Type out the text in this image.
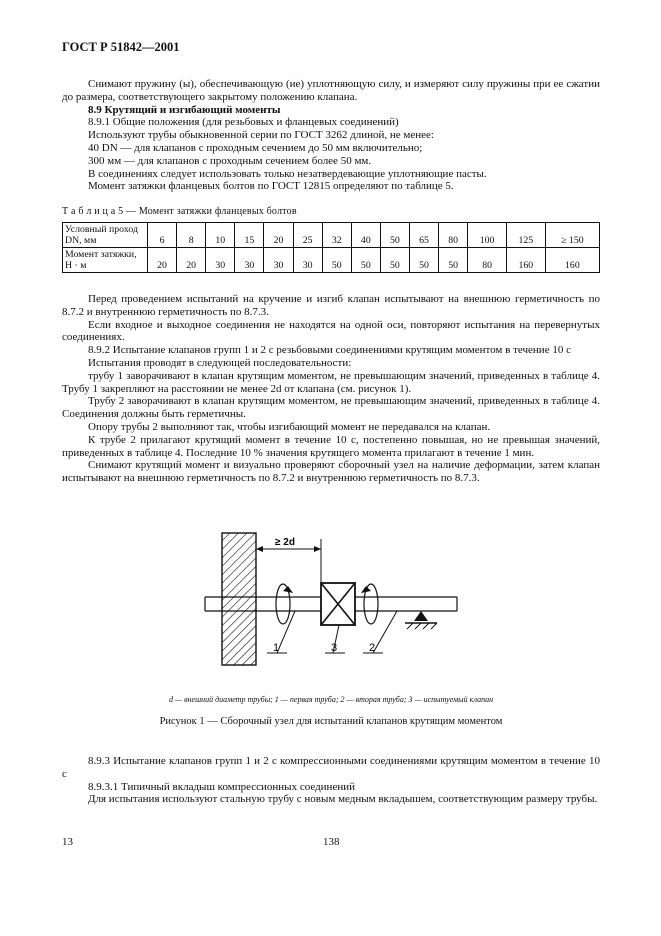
ГОСТ Р 51842—2001

Снимают пружину (ы), обеспечивающую (ие) уплотняющую силу, и измеряют силу пружины при ее сжатии до размера, соответствующего закрытому положению клапана.

8.9 Крутящий и изгибающий моменты

8.9.1 Общие положения (для резьбовых и фланцевых соединений)

Используют трубы обыкновенной серии по ГОСТ 3262 длиной, не менее:

40 DN — для клапанов с проходным сечением до 50 мм включительно;

300 мм — для клапанов с проходным сечением более 50 мм.

В соединениях следует использовать только незатвердевающие уплотняющие пасты.

Момент затяжки фланцевых болтов по ГОСТ 12815 определяют по таблице 5.

Т а б л и ц а 5 — Момент затяжки фланцевых болтов
Условный проход DN, мм	6	8	10	15	20	25	32	40	50	65	80	100	125	≥ 150
Момент затяжки, Н · м	20	20	30	30	30	30	50	50	50	50	50	80	160	160

Перед проведением испытаний на кручение и изгиб клапан испытывают на внешнюю герметичность по 8.7.2 и внутреннюю герметичность по 8.7.3.

Если входное и выходное соединения не находятся на одной оси, повторяют испытания на перевернутых соединениях.

8.9.2 Испытание клапанов групп 1 и 2 с резьбовыми соединениями крутящим моментом в течение 10 с

Испытания проводят в следующей последовательности:

трубу 1 заворачивают в клапан крутящим моментом, не превышающим значений, приведенных в таблице 4. Трубу 1 закрепляют на расстоянии не менее 2d от клапана (см. рисунок 1).

Трубу 2 заворачивают в клапан крутящим моментом, не превышающим значений, приведенных в таблице 4. Соединения должны быть герметичны.

Опору трубы 2 выполняют так, чтобы изгибающий момент не передавался на клапан.

К трубе 2 прилагают крутящий момент в течение 10 с, постепенно повышая, но не превышая значений, приведенных в таблице 4. Последние 10 % значения крутящего момента прилагают в течение 1 мин.

Снимают крутящий момент и визуально проверяют сборочный узел на наличие деформации, затем клапан испытывают на внешнюю герметичность по 8.7.2 и внутреннюю герметичность по 8.7.3.

≥ 2d
1	3	2
d — внешний диаметр трубы; 1 — первая труба; 2 — вторая труба; 3 — испытуемый клапан
Рисунок 1 — Сборочный узел для испытаний клапанов крутящим моментом

8.9.3 Испытание клапанов групп 1 и 2 с компрессионными соединениями крутящим моментом в течение 10 с

8.9.3.1 Типичный вкладыш компрессионных соединений

Для испытания используют стальную трубу с новым медным вкладышем, соответствующим размеру трубы.

13	138
